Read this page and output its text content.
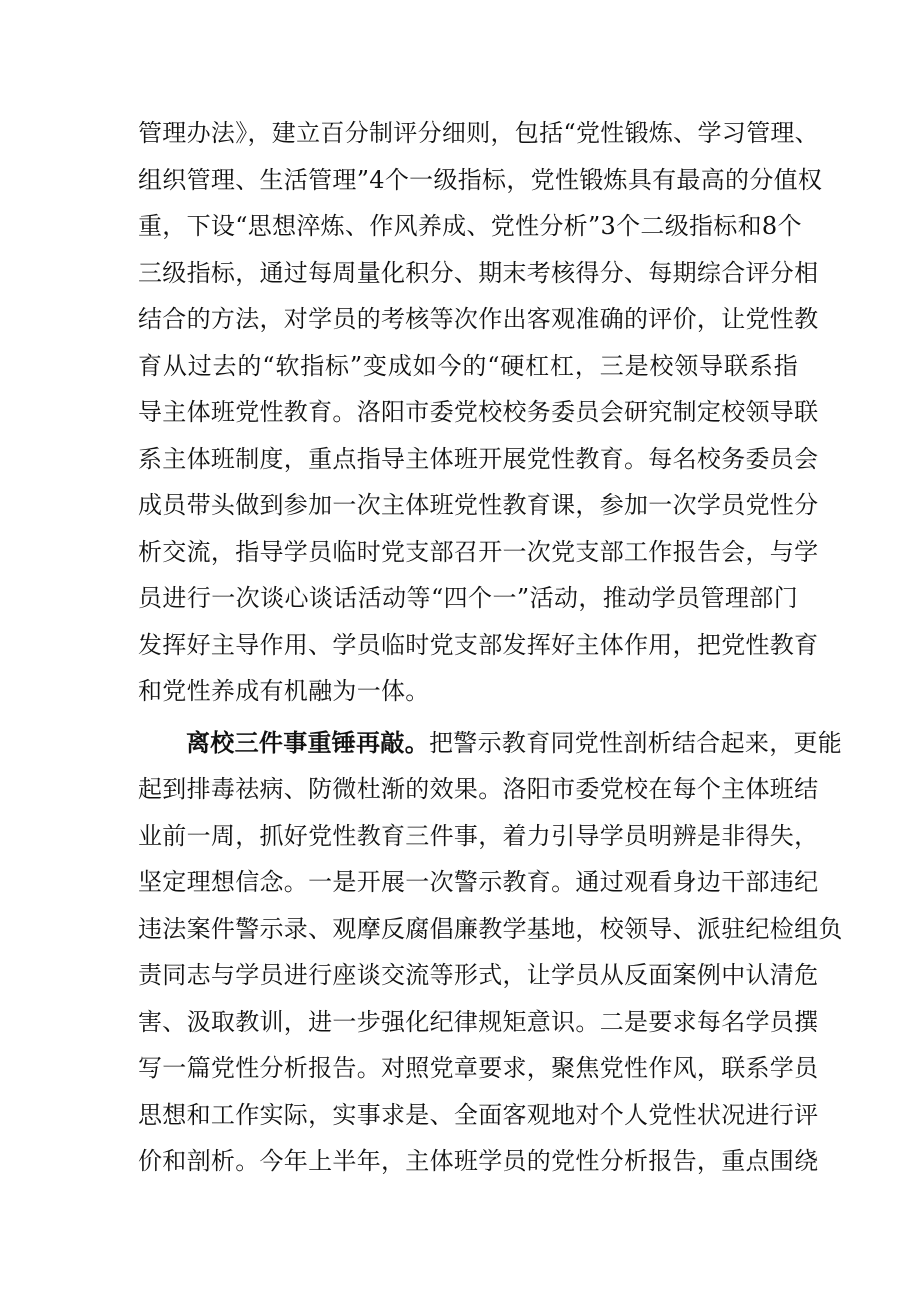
管理办法》，建立百分制评分细则，包括“党性锻炼、学习管理、
组织管理、生活管理”4个一级指标，党性锻炼具有最高的分值权
重，下设“思想淬炼、作风养成、党性分析”3个二级指标和8个
三级指标，通过每周量化积分、期末考核得分、每期综合评分相
结合的方法，对学员的考核等次作出客观准确的评价，让党性教
育从过去的“软指标”变成如今的“硬杠杠，三是校领导联系指
导主体班党性教育。洛阳市委党校校务委员会研究制定校领导联
系主体班制度，重点指导主体班开展党性教育。每名校务委员会
成员带头做到参加一次主体班党性教育课，参加一次学员党性分
析交流，指导学员临时党支部召开一次党支部工作报告会，与学
员进行一次谈心谈话活动等“四个一”活动，推动学员管理部门
发挥好主导作用、学员临时党支部发挥好主体作用，把党性教育
和党性养成有机融为一体。
离校三件事重锤再敲。把警示教育同党性剖析结合起来，更能
起到排毒祛病、防微杜渐的效果。洛阳市委党校在每个主体班结
业前一周，抓好党性教育三件事，着力引导学员明辨是非得失，
坚定理想信念。一是开展一次警示教育。通过观看身边干部违纪
违法案件警示录、观摩反腐倡廉教学基地，校领导、派驻纪检组负
责同志与学员进行座谈交流等形式，让学员从反面案例中认清危
害、汲取教训，进一步强化纪律规矩意识。二是要求每名学员撰
写一篇党性分析报告。对照党章要求，聚焦党性作风，联系学员
思想和工作实际，实事求是、全面客观地对个人党性状况进行评
价和剖析。今年上半年，主体班学员的党性分析报告，重点围绕
